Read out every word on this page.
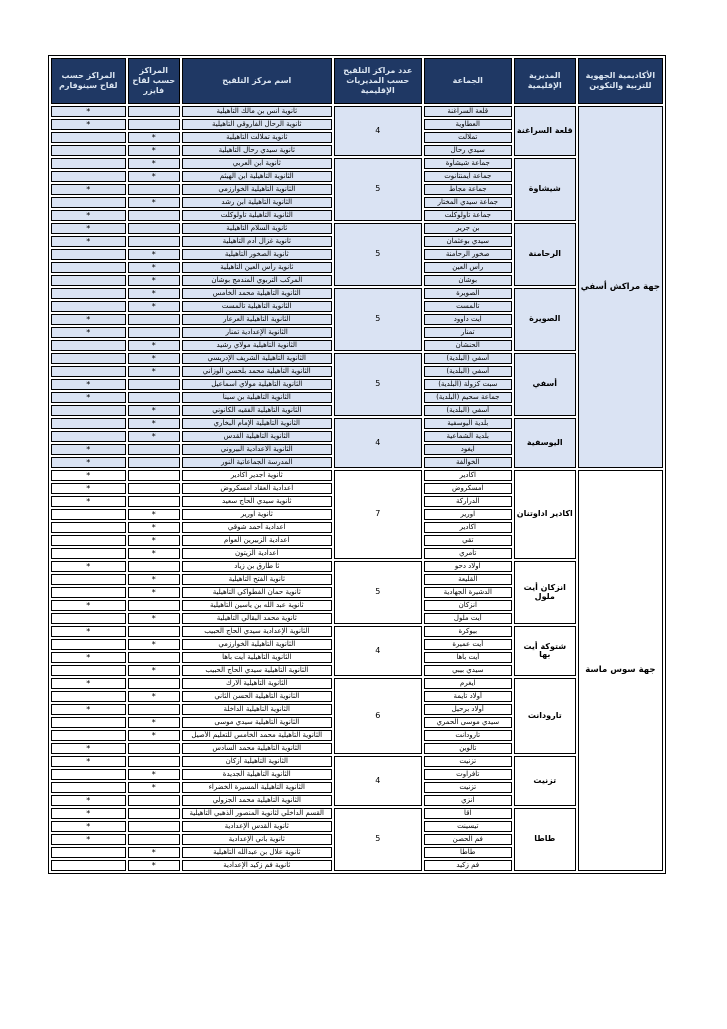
الأكاديمية الجهوية للتربية والتكوين	المديرية الإقليمية	الجماعة	عدد مراكز التلقيح حسب المديريات الإقليمية	اسم مركز التلقيح	المراكز حسب لقاح فايزر	المراكز حسب لقاح سينوفارم
جهة مراكش أسفي	قلعة السراغنة	قلعة السراغنة	4	ثانوية انس بن مالك التأهيلية		*
		العطاوية		ثانوية الرحال الفاروقي التأهيلية		*
		تملالت		ثانوية تملالت التأهيلية	*	
		سيدي رحال		ثانوية سيدي رحال التأهيلية	*	
	شيشاوة	جماعة شيشاوة	5	ثانوية ابن العربي	*	
		جماعة ايمنتانوت		الثانوية التأهيلية ابن الهيثم	*	
		جماعة مجاط		الثانوية التأهيلية الخوارزمي		*
		جماعة سيدي المختار		الثانوية التأهيلية ابن رشد	*	
		جماعة تاولوكلت		الثانوية التأهيلية تاولوكلت		*
	الرحامنة	بن جرير	5	ثانوية السلام التأهيلية		*
		سيدي بوعثمان		ثانوية غزال أدم التأهيلية		*
		صخور الرحامنة		ثانوية الصخور التأهيلية	*	
		رأس العين		ثانوية رأس العين التأهيلية	*	
		بوشان		المركب التربوي المندمج بوشان	*	
	الصويرة	الصويرة	5	الثانوية التأهيلية محمد الخامس	*	
		تالمست		الثانوية التأهيلية تالمست	*	
		ايت داوود		الثانوية التأهيلية العرعار		*
		تمنار		الثانوية الإعدادية تمنار		*
		الحنشان		الثانوية التأهيلية مولاي رشيد	*	
	أسفي	أسفي (البلدية)	5	الثانوية التأهيلية الشريف الإدريسي	*	
		أسفي (البلدية)		الثانوية التأهيلية محمد بلحسن الوزاني	*	
		سبت كزولة (البلدية)		الثانوية التأهيلية مولاي اسماعيل		*
		جماعة سحيم (البلدية)		الثانوية التأهيلية بن سينا		*
		أسفي (البلدية)		الثانوية التأهيلية الفقيه الكانوني	*	
	اليوسفية	بلدية اليوسفية	4	الثانوية التأهيلية الإمام البخاري	*	
		بلدية الشماعية		الثانوية التأهيلية القدس	*	
		ايغود		الثانوية الاعدادية البيروني		*
		الخوالفة		المدرسة الجماعاتية النور		*
جهة سوس ماسة	اكادير اداوتنان	اكادير	7	ثانوية اجدير اكادير		*
		امسكروض		اعدادية العقاد امسكروض		*
		الدراركة		ثانوية سيدي الحاج سعيد		*
		اورير		ثانوية اورير	*	
		اكادير		اعدادية أحمد شوقي	*	
		تقي		اعدادية الزبيرين العوام	*	
		تامري		اعدادية الزيتون	*	
	انزكان أيت ملول	اولاد دحو	5	ثا طارق بن زياد		*
		القليعة		ثانوية الفتح التأهيلية	*	
		الدشيرة الجهادية		ثانوية حمان الفطواكي التأهيلية	*	
		انزكان		ثانوية عبد الله بن ياسين التأهيلية		*
		أيت ملول		ثانوية محمد البقالي التأهيلية	*	
	شتوكة أيت بها	بيوكرة	4	الثانوية الإعدادية سيدي الحاج الحبيب		*
		أيت عميرة		الثانوية التأهيلية الخوارزمي	*	
		أيت باها		الثانوية التأهيلية أيت باها		*
		سيدي بيبي		الثانوية التأهيلية سيدي الحاج الحبيب	*	
	تارودانت	ايغرم	6	الثانوية التأهيلية الارك		*
		أولاد تايمة		الثانوية التأهيلية الحسن الثاني	*	
		أولاد برحيل		الثانوية التأهيلية الداخلة		*
		سيدي موسى الحمري		الثانوية التأهيلية سيدي موسى	*	
		تارودانت		الثانوية التأهيلية محمد الخامس للتعليم الأصيل	*	
		تالوين		الثانوية التأهيلية محمد السادس		*
	تزنيت	تزنيت	4	الثانوية التأهيلية أزكان		*
		تافراوت		الثانوية التأهيلية الجديدة	*	
		تزنيت		الثانوية التأهيلية المسيرة الخضراء	*	
		انزي		الثانوية التأهيلية محمد الجزولي		*
	طاطا	اقا	5	القسم الداخلي لثانوية المنصور الذهبي التأهيلية		*
		تيسينت		ثانوية القدس الإعدادية		*
		فم الحصن		ثانوية باني الإعدادية		*
		طاطا		ثانوية علال بن عبدالله التأهيلية	*	
		فم زكيد		ثانوية فم زكيد الإعدادية	*	
